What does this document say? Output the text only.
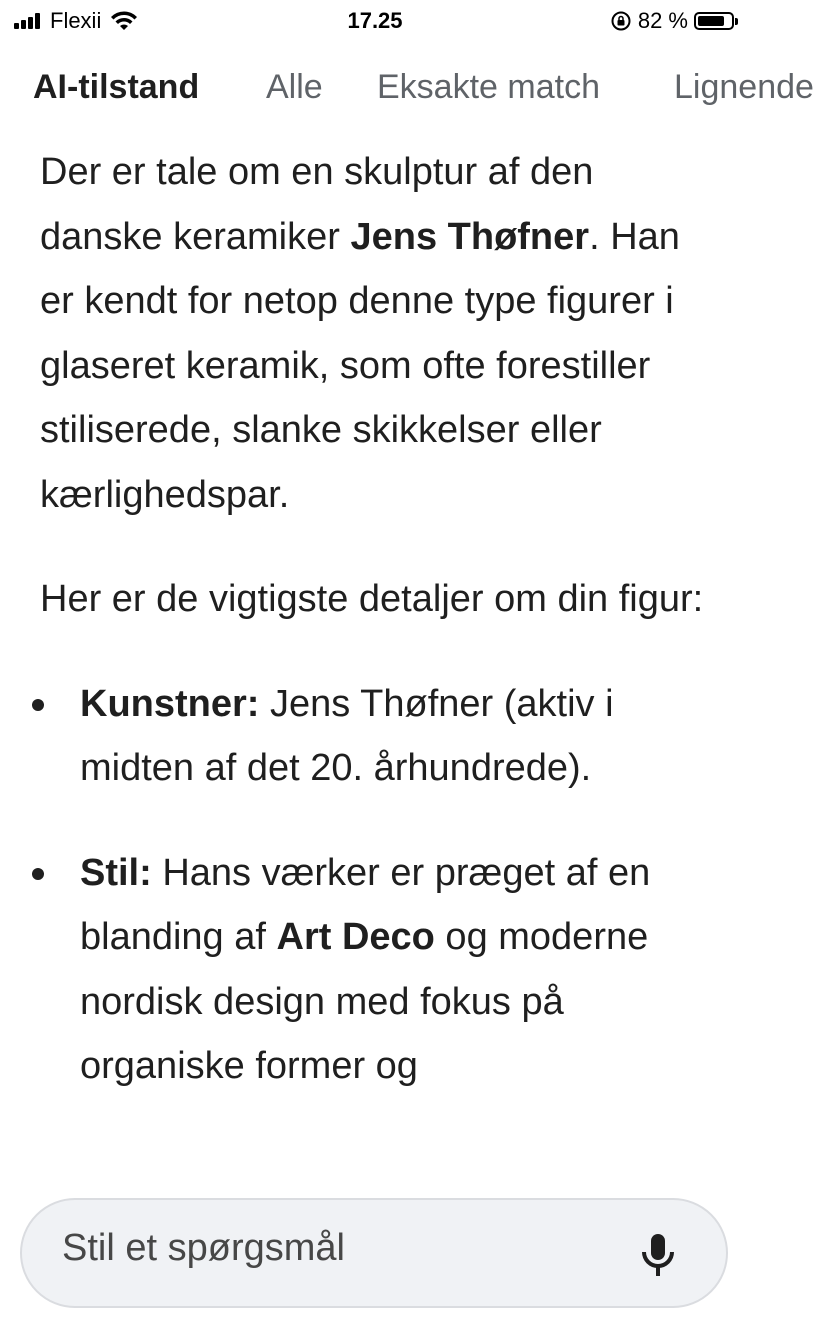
Flexii	17.25	82 %
AI-tilstand Alle Eksakte match Lignende

Der er tale om en skulptur af den danske keramiker Jens Thøfner. Han er kendt for netop denne type figurer i glaseret keramik, som ofte forestiller stiliserede, slanke skikkelser eller kærlighedspar.

Her er de vigtigste detaljer om din figur:

Kunstner: Jens Thøfner (aktiv i midten af det 20. århundrede).
Stil: Hans værker er præget af en blanding af Art Deco og moderne nordisk design med fokus på organiske former og
Stil et spørgsmål
